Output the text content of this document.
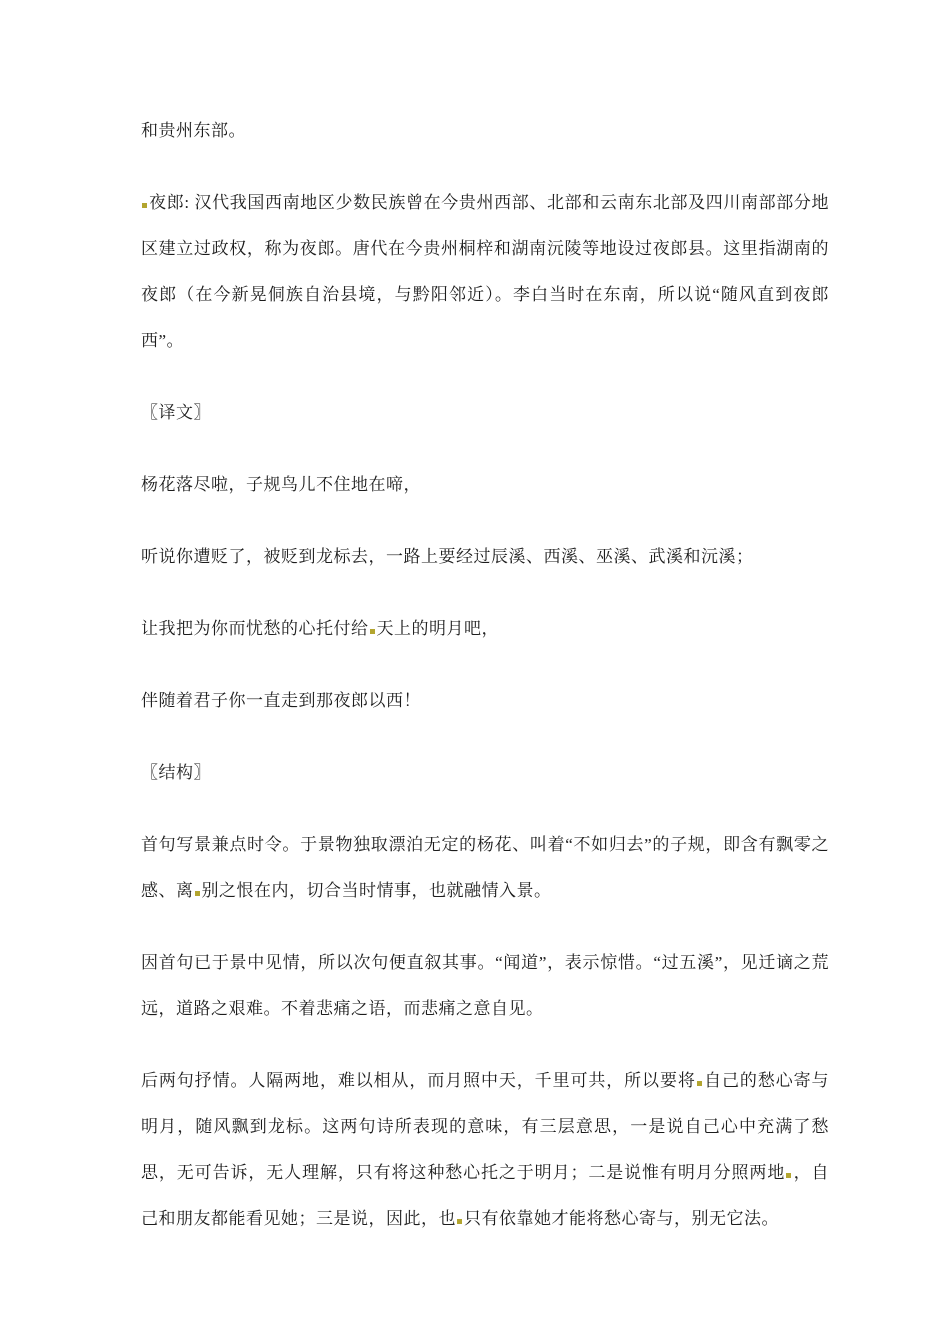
和贵州东部。

夜郎: 汉代我国西南地区少数民族曾在今贵州西部、北部和云南东北部及四川南部部分地区建立过政权，称为夜郎。唐代在今贵州桐梓和湖南沅陵等地设过夜郎县。这里指湖南的夜郎（在今新晃侗族自治县境，与黔阳邻近）。李白当时在东南，所以说“随风直到夜郎西”。

〖译文〗

杨花落尽啦，子规鸟儿不住地在啼，

听说你遭贬了，被贬到龙标去，一路上要经过辰溪、西溪、巫溪、武溪和沅溪；

让我把为你而忧愁的心托付给 天上的明月吧，

伴随着君子你一直走到那夜郎以西！

〖结构〗

首句写景兼点时令。于景物独取漂泊无定的杨花、叫着“不如归去”的子规，即含有飘零之感、离 别之恨在内，切合当时情事，也就融情入景。

因首句已于景中见情，所以次句便直叙其事。“闻道”，表示惊惜。“过五溪”，见迁谪之荒远，道路之艰难。不着悲痛之语，而悲痛之意自见。

后两句抒情。人隔两地，难以相从，而月照中天，千里可共，所以要将 自己的愁心寄与明月，随风飘到龙标。这两句诗所表现的意味，有三层意思，一是说自己心中充满了愁思，无可告诉，无人理解，只有将这种愁心托之于明月；二是说惟有明月分照两地 ，自己和朋友都能看见她；三是说，因此，也 只有依靠她才能将愁心寄与，别无它法。
